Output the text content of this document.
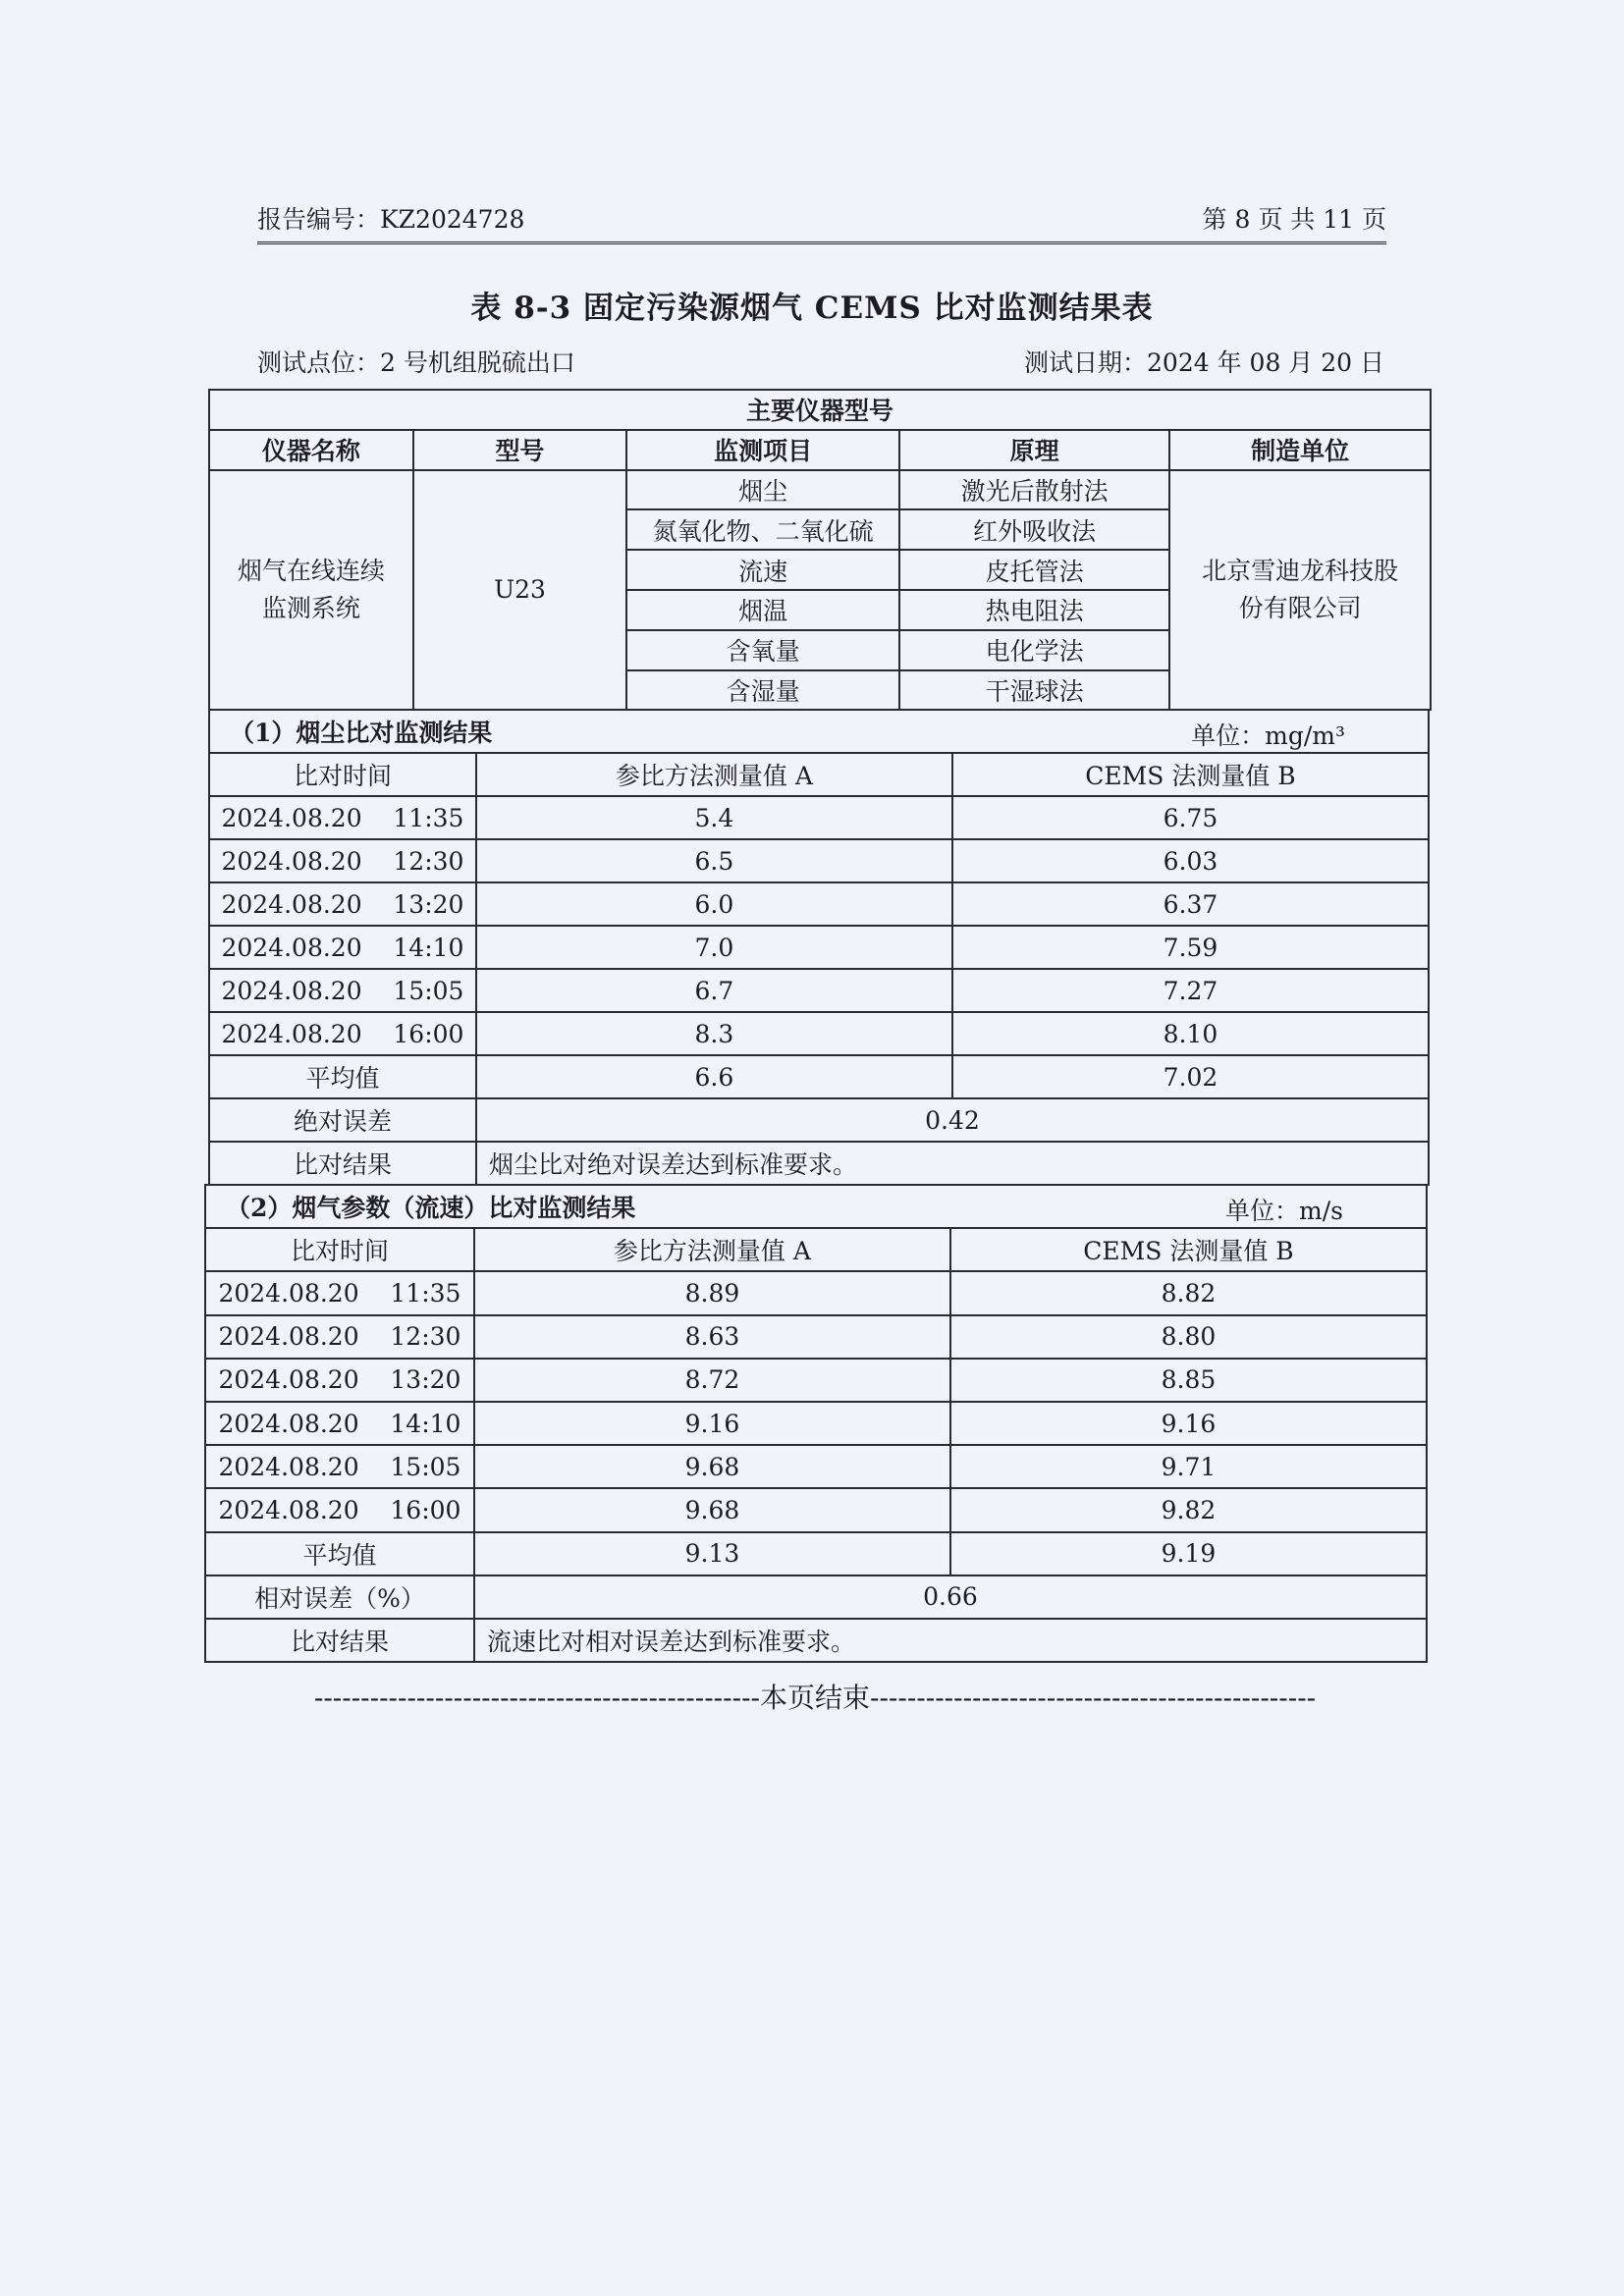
报告编号：KZ2024728	第 8 页 共 11 页
表 8-3 固定污染源烟气 CEMS 比对监测结果表
测试点位：2 号机组脱硫出口	测试日期：2024 年 08 月 20 日
主要仪器型号				
仪器名称	型号	监测项目	原理	制造单位
烟气在线连续监测系统	U23	烟尘	激光后散射法	北京雪迪龙科技股份有限公司
		氮氧化物、二氧化硫	红外吸收法	
		流速	皮托管法	
		烟温	热电阻法	
		含氧量	电化学法	
		含湿量	干湿球法	
（1）烟尘比对监测结果 单位：mg/m³		

比对时间	参比方法测量值 A	CEMS 法测量值 B
2024.08.20    11:35	5.4	6.75
2024.08.20    12:30	6.5	6.03
2024.08.20    13:20	6.0	6.37
2024.08.20    14:10	7.0	7.59
2024.08.20    15:05	6.7	7.27
2024.08.20    16:00	8.3	8.10
平均值	6.6	7.02
绝对误差	0.42	
比对结果	烟尘比对绝对误差达到标准要求。	
（2）烟气参数（流速）比对监测结果 单位：m/s		

比对时间	参比方法测量值 A	CEMS 法测量值 B
2024.08.20    11:35	8.89	8.82
2024.08.20    12:30	8.63	8.80
2024.08.20    13:20	8.72	8.85
2024.08.20    14:10	9.16	9.16
2024.08.20    15:05	9.68	9.71
2024.08.20    16:00	9.68	9.82
平均值	9.13	9.19
相对误差（%）	0.66	
比对结果	流速比对相对误差达到标准要求。	
------------------------------------------------本页结束------------------------------------------------
